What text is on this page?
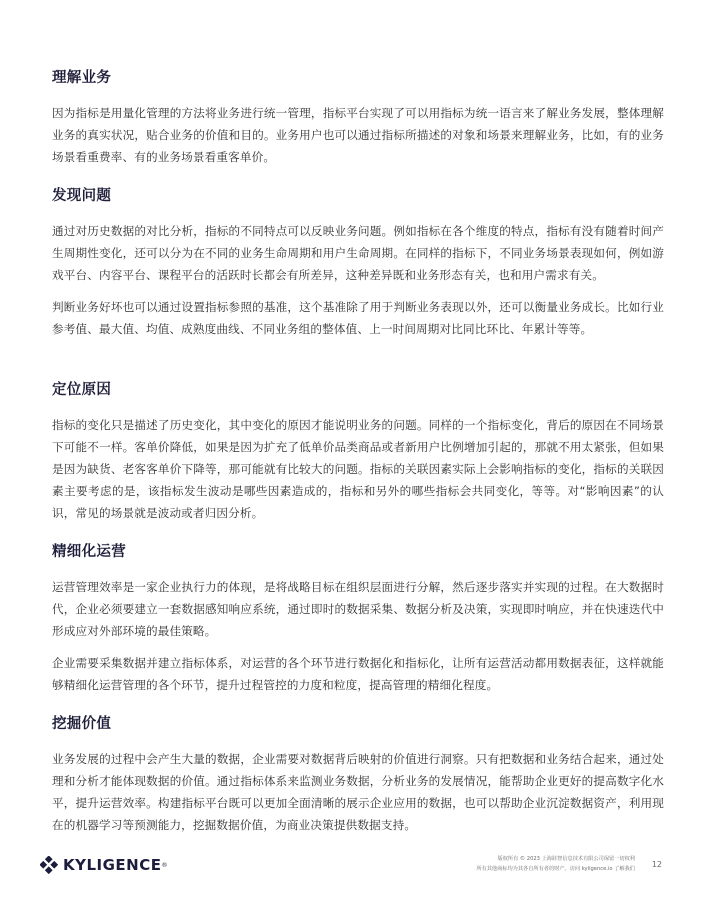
理解业务

因为指标是用量化管理的方法将业务进行统一管理，指标平台实现了可以用指标为统一语言来了解业务发展，整体理解业务的真实状况，贴合业务的价值和目的。业务用户也可以通过指标所描述的对象和场景来理解业务，比如，有的业务场景看重费率、有的业务场景看重客单价。

发现问题

通过对历史数据的对比分析，指标的不同特点可以反映业务问题。例如指标在各个维度的特点，指标有没有随着时间产生周期性变化，还可以分为在不同的业务生命周期和用户生命周期。在同样的指标下，不同业务场景表现如何，例如游戏平台、内容平台、课程平台的活跃时长都会有所差异，这种差异既和业务形态有关，也和用户需求有关。

判断业务好坏也可以通过设置指标参照的基准，这个基准除了用于判断业务表现以外，还可以衡量业务成长。比如行业参考值、最大值、均值、成熟度曲线、不同业务组的整体值、上一时间周期对比同比环比、年累计等等。

定位原因

指标的变化只是描述了历史变化，其中变化的原因才能说明业务的问题。同样的一个指标变化，背后的原因在不同场景下可能不一样。客单价降低，如果是因为扩充了低单价品类商品或者新用户比例增加引起的，那就不用太紧张，但如果是因为缺货、老客客单价下降等，那可能就有比较大的问题。指标的关联因素实际上会影响指标的变化，指标的关联因素主要考虑的是，该指标发生波动是哪些因素造成的，指标和另外的哪些指标会共同变化，等等。对“影响因素”的认识，常见的场景就是波动或者归因分析。

精细化运营

运营管理效率是一家企业执行力的体现，是将战略目标在组织层面进行分解，然后逐步落实并实现的过程。在大数据时代，企业必须要建立一套数据感知响应系统，通过即时的数据采集、数据分析及决策，实现即时响应，并在快速迭代中形成应对外部环境的最佳策略。

企业需要采集数据并建立指标体系，对运营的各个环节进行数据化和指标化，让所有运营活动都用数据表征，这样就能够精细化运营管理的各个环节，提升过程管控的力度和粒度，提高管理的精细化程度。

挖掘价值

业务发展的过程中会产生大量的数据，企业需要对数据背后映射的价值进行洞察。只有把数据和业务结合起来，通过处理和分析才能体现数据的价值。通过指标体系来监测业务数据，分析业务的发展情况，能帮助企业更好的提高数字化水平，提升运营效率。构建指标平台既可以更加全面清晰的展示企业应用的数据，也可以帮助企业沉淀数据资产，利用现在的机器学习等预测能力，挖掘数据价值，为商业决策提供数据支持。

KYLIGENCE ®
版权所有 © 2023 上海跬智信息技术有限公司保留一切权利
所有其他商标均为其各自所有者的财产。访问 kyligence.io 了解我们 12
